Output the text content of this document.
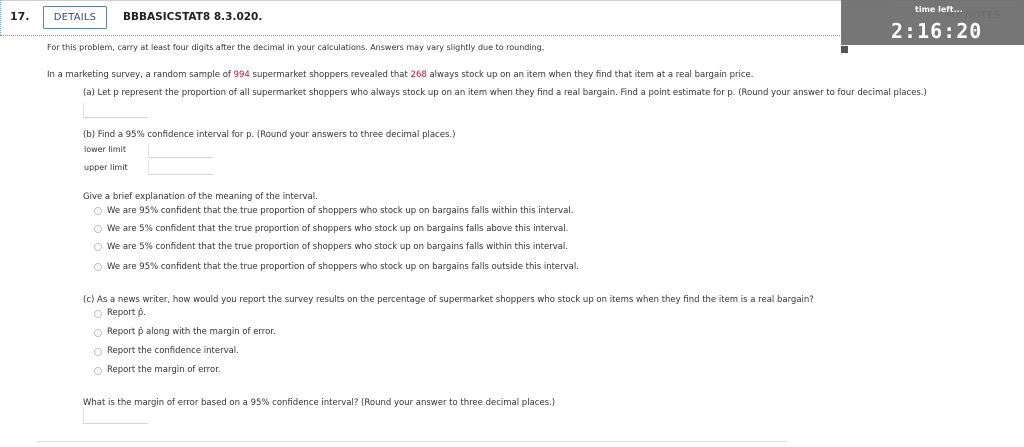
17.	DETAILS	BBBASICSTAT8 8.3.020.
time left...
2:16:20
For this problem, carry at least four digits after the decimal in your calculations. Answers may vary slightly due to rounding.
In a marketing survey, a random sample of 994 supermarket shoppers revealed that 268 always stock up on an item when they find that item at a real bargain price.
(a) Let p represent the proportion of all supermarket shoppers who always stock up on an item when they find a real bargain. Find a point estimate for p. (Round your answer to four decimal places.)
(b) Find a 95% confidence interval for p. (Round your answers to three decimal places.)
lower limit
upper limit
Give a brief explanation of the meaning of the interval.
We are 95% confident that the true proportion of shoppers who stock up on bargains falls within this interval.
We are 5% confident that the true proportion of shoppers who stock up on bargains falls above this interval.
We are 5% confident that the true proportion of shoppers who stock up on bargains falls within this interval.
We are 95% confident that the true proportion of shoppers who stock up on bargains falls outside this interval.
(c) As a news writer, how would you report the survey results on the percentage of supermarket shoppers who stock up on items when they find the item is a real bargain?
Report p̂.
Report p̂ along with the margin of error.
Report the confidence interval.
Report the margin of error.
What is the margin of error based on a 95% confidence interval? (Round your answer to three decimal places.)
